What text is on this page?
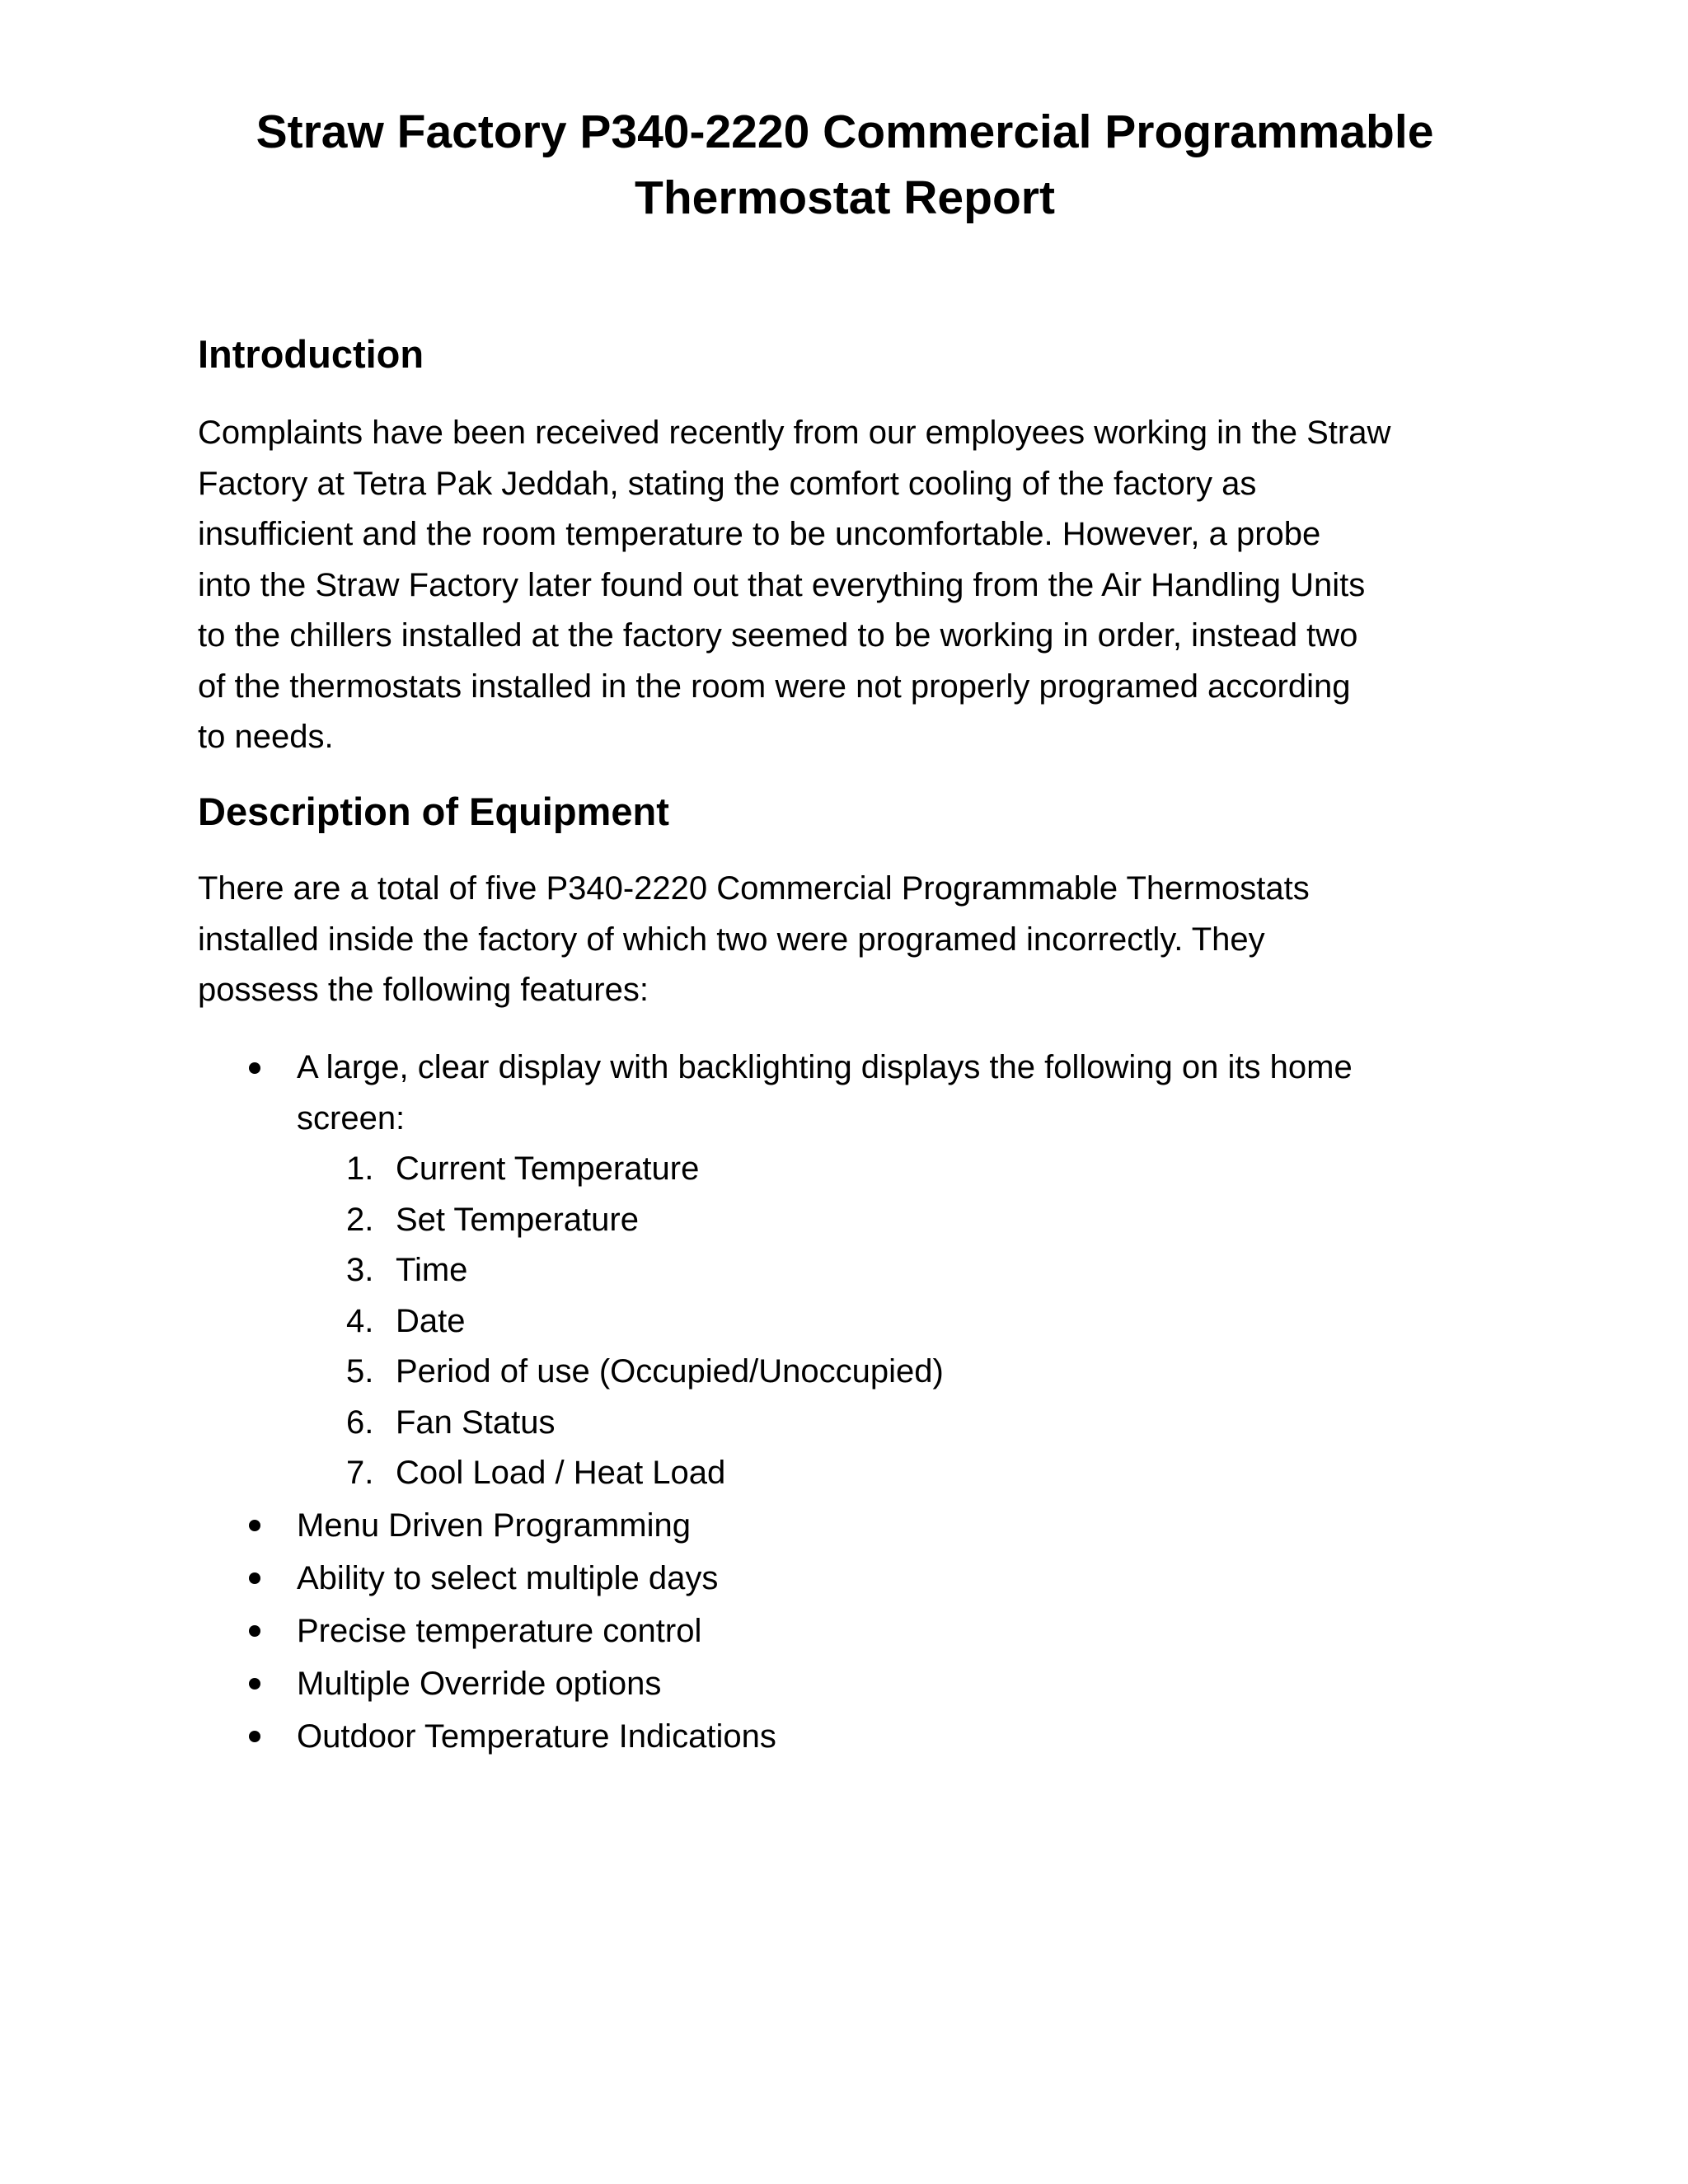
Straw Factory P340-2220 Commercial Programmable
Thermostat Report
Introduction

Complaints have been received recently from our employees working in the Straw
Factory at Tetra Pak Jeddah, stating the comfort cooling of the factory as
insufficient and the room temperature to be uncomfortable. However, a probe
into the Straw Factory later found out that everything from the Air Handling Units
to the chillers installed at the factory seemed to be working in order, instead two
of the thermostats installed in the room were not properly programed according
to needs.

Description of Equipment

There are a total of five P340-2220 Commercial Programmable Thermostats
installed inside the factory of which two were programed incorrectly. They
possess the following features:

A large, clear display with backlighting displays the following on its home
screen:
1. Current Temperature
2. Set Temperature
3. Time
4. Date
5. Period of use (Occupied/Unoccupied)
6. Fan Status
7. Cool Load / Heat Load
Menu Driven Programming
Ability to select multiple days
Precise temperature control
Multiple Override options
Outdoor Temperature Indications
